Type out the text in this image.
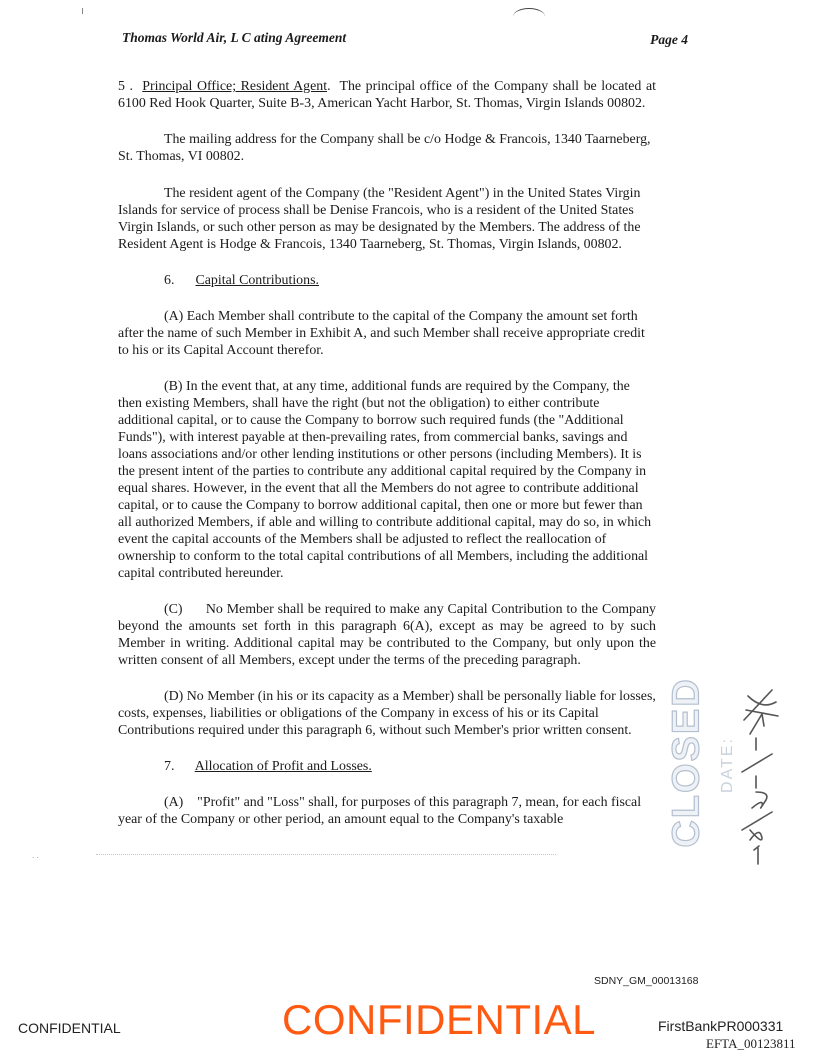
Thomas World Air, L C ating Agreement	Page 4

5 . Principal Office; Resident Agent.  The principal office of the Company shall be located at 6100 Red Hook Quarter, Suite B-3, American Yacht Harbor, St. Thomas, Virgin Islands 00802.

The mailing address for the Company shall be c/o Hodge & Francois, 1340 Taarneberg, St. Thomas, VI 00802.

The resident agent of the Company (the "Resident Agent") in the United States Virgin Islands for service of process shall be Denise Francois, who is a resident of the United States Virgin Islands, or such other person as may be designated by the Members. The address of the Resident Agent is Hodge & Francois, 1340 Taarneberg, St. Thomas, Virgin Islands, 00802.

6. Capital Contributions.

(A) Each Member shall contribute to the capital of the Company the amount set forth after the name of such Member in Exhibit A, and such Member shall receive appropriate credit to his or its Capital Account therefor.

(B) In the event that, at any time, additional funds are required by the Company, the then existing Members, shall have the right (but not the obligation) to either contribute additional capital, or to cause the Company to borrow such required funds (the "Additional Funds"), with interest payable at then-prevailing rates, from commercial banks, savings and loans associations and/or other lending institutions or other persons (including Members). It is the present intent of the parties to contribute any additional capital required by the Company in equal shares. However, in the event that all the Members do not agree to contribute additional capital, or to cause the Company to borrow additional capital, then one or more but fewer than all authorized Members, if able and willing to contribute additional capital, may do so, in which event the capital accounts of the Members shall be adjusted to reflect the reallocation of ownership to conform to the total capital contributions of all Members, including the additional capital contributed hereunder.

(C)      No Member shall be required to make any Capital Contribution to the Company beyond the amounts set forth in this paragraph 6(A), except as may be agreed to by such Member in writing. Additional capital may be contributed to the Company, but only upon the written consent of all Members, except under the terms of the preceding paragraph.

(D) No Member (in his or its capacity as a Member) shall be personally liable for losses, costs, expenses, liabilities or obligations of the Company in excess of his or its Capital Contributions required under this paragraph 6, without such Member's prior written consent.

7. Allocation of Profit and Losses.

(A)    "Profit" and "Loss" shall, for purposes of this paragraph 7, mean, for each fiscal year of the Company or other period, an amount equal to the Company's taxable

. .
CLOSED DATE:
SDNY_GM_00013168
CONFIDENTIAL	CONFIDENTIAL	FirstBankPR000331
EFTA_00123811
